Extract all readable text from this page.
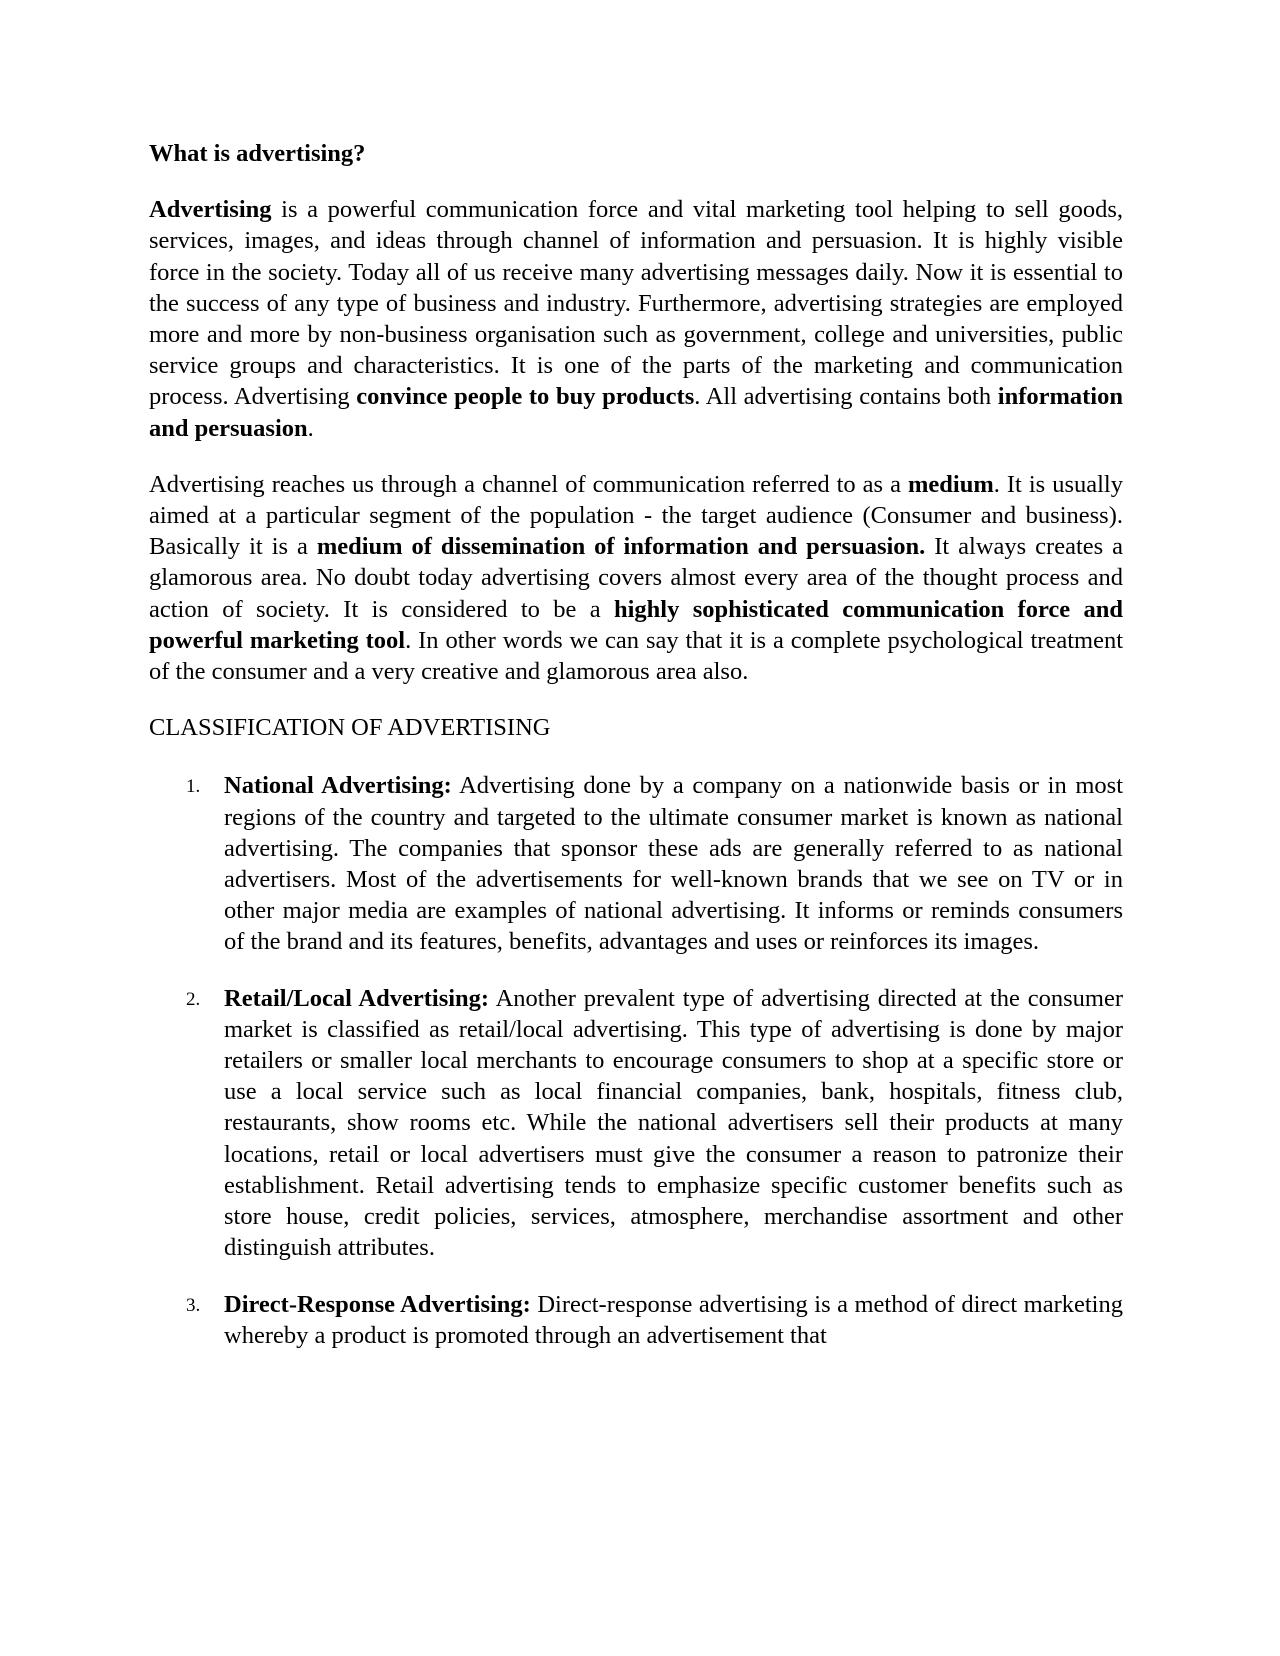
What is advertising?

Advertising is a powerful communication force and vital marketing tool helping to sell goods, services, images, and ideas through channel of information and persuasion. It is highly visible force in the society. Today all of us receive many advertising messages daily. Now it is essential to the success of any type of business and industry. Furthermore, advertising strategies are employed more and more by non-business organisation such as government, college and universities, public service groups and characteristics. It is one of the parts of the marketing and communication process. Advertising convince people to buy products. All advertising contains both information and persuasion.

Advertising reaches us through a channel of communication referred to as a medium. It is usually aimed at a particular segment of the population - the target audience (Consumer and business). Basically it is a medium of dissemination of information and persuasion. It always creates a glamorous area. No doubt today advertising covers almost every area of the thought process and action of society. It is considered to be a highly sophisticated communication force and powerful marketing tool. In other words we can say that it is a complete psychological treatment of the consumer and a very creative and glamorous area also.

CLASSIFICATION OF ADVERTISING
1. National Advertising: Advertising done by a company on a nationwide basis or in most regions of the country and targeted to the ultimate consumer market is known as national advertising. The companies that sponsor these ads are generally referred to as national advertisers. Most of the advertisements for well-known brands that we see on TV or in other major media are examples of national advertising. It informs or reminds consumers of the brand and its features, benefits, advantages and uses or reinforces its images.
2. Retail/Local Advertising: Another prevalent type of advertising directed at the consumer market is classified as retail/local advertising. This type of advertising is done by major retailers or smaller local merchants to encourage consumers to shop at a specific store or use a local service such as local financial companies, bank, hospitals, fitness club, restaurants, show rooms etc. While the national advertisers sell their products at many locations, retail or local advertisers must give the consumer a reason to patronize their establishment. Retail advertising tends to emphasize specific customer benefits such as store house, credit policies, services, atmosphere, merchandise assortment and other distinguish attributes.
3. Direct-Response Advertising: Direct-response advertising is a method of direct marketing whereby a product is promoted through an advertisement that
